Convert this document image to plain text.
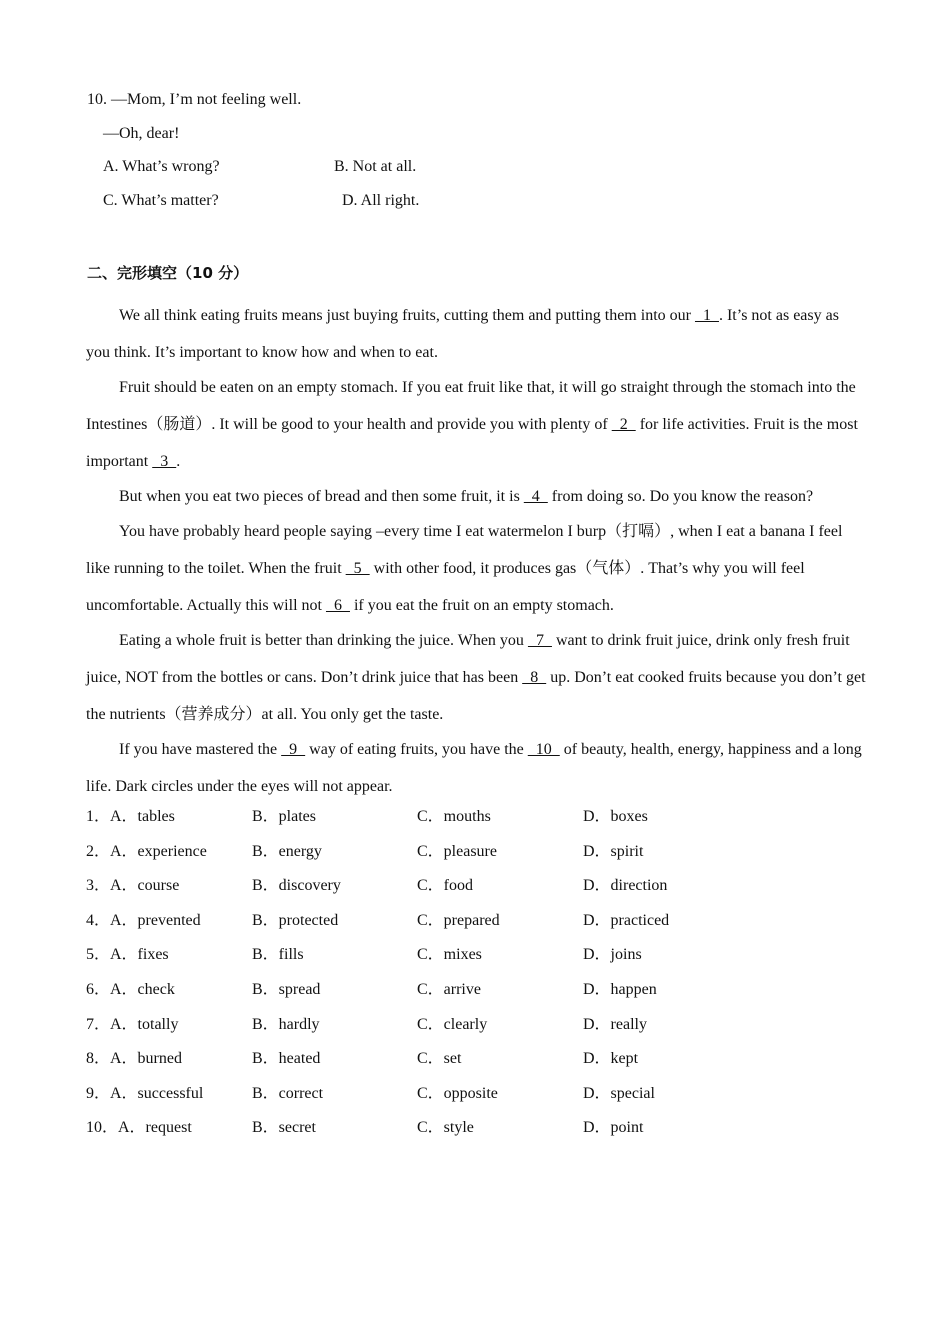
10. —Mom, I’m not feeling well.
—Oh, dear!
A. What’s wrong?	B. Not at all.
C. What’s matter?	D. All right.
二、完形填空（10 分）

We all think eating fruits means just buying fruits, cutting them and putting them into our   1  . It’s not as easy as you think. It’s important to know how and when to eat.

Fruit should be eaten on an empty stomach. If you eat fruit like that, it will go straight through the stomach into the Intestines（肠道）. It will be good to your health and provide you with plenty of   2   for life activities. Fruit is the most important   3  .

But when you eat two pieces of bread and then some fruit, it is   4   from doing so. Do you know the reason?

You have probably heard people saying –every time I eat watermelon I burp（打嗝）, when I eat a banana I feel like running to the toilet. When the fruit   5   with other food, it produces gas（气体）. That’s why you will feel uncomfortable. Actually this will not   6   if you eat the fruit on an empty stomach.

Eating a whole fruit is better than drinking the juice. When you   7   want to drink fruit juice, drink only fresh fruit juice, NOT from the bottles or cans. Don’t drink juice that has been   8   up. Don’t eat cooked fruits because you don’t get the nutrients（营养成分）at all. You only get the taste.

If you have mastered the   9   way of eating fruits, you have the   10   of beauty, health, energy, happiness and a long life. Dark circles under the eyes will not appear.

1．A．tables	B．plates	C．mouths	D．boxes
2．A．experience	B．energy	C．pleasure	D．spirit
3．A．course	B．discovery	C．food	D．direction
4．A．prevented	B．protected	C．prepared	D．practiced
5．A．fixes	B．fills	C．mixes	D．joins
6．A．check	B．spread	C．arrive	D．happen
7．A．totally	B．hardly	C．clearly	D．really
8．A．burned	B．heated	C．set	D．kept
9．A．successful	B．correct	C．opposite	D．special
10．A．request	B．secret	C．style	D．point
